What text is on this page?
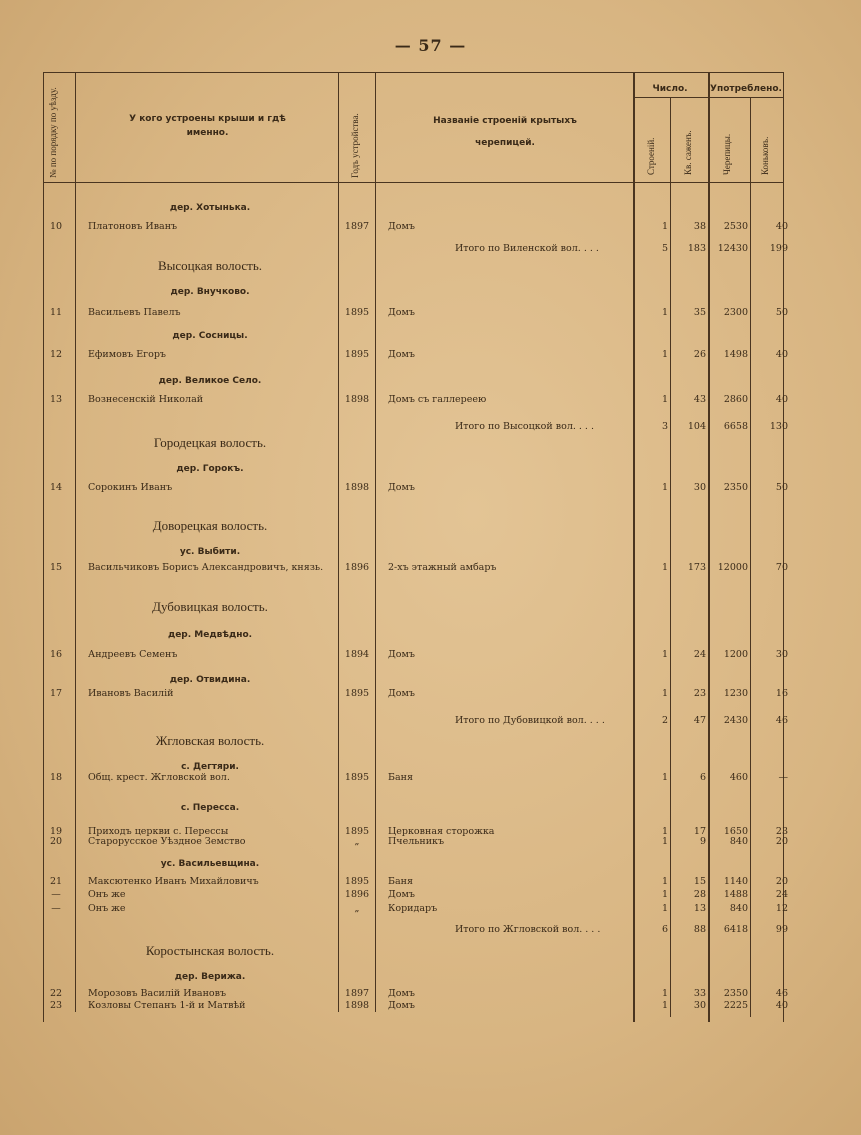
— 57 —
№ по порядку по уѣзду.	У кого устроены крыши и гдѣ именно.	Годъ устройства.	Названіе строеній крытыхъ черепицей.
Число.	Употреблено.
Строеній.	Кв. саженъ.	Черепицы.	Коньковъ.
дер. Хотынька.
10	Платоновъ Иванъ	1897	Домъ	1	38	2530	40
Итого по Виленской вол. . . .	5	183	12430	199
Высоцкая волость.
дер. Внучково.
11	Васильевъ Павелъ	1895	Домъ	1	35	2300	50
дер. Сосницы.
12	Ефимовъ Егоръ	1895	Домъ	1	26	1498	40
дер. Великое Село.
13	Вознесенскій Николай	1898	Домъ съ галлереею	1	43	2860	40
Итого по Высоцкой вол. . . .	3	104	6658	130
Городецкая волость.
дер. Горокъ.
14	Сорокинъ Иванъ	1898	Домъ	1	30	2350	50
Доворецкая волость.
ус. Выбити.
15	Васильчиковъ Борисъ Александровичъ, князь.	1896	2-хъ этажный амбаръ	1	173	12000	70
Дубовицкая волость.
дер. Медвѣдно.
16	Андреевъ Семенъ	1894	Домъ	1	24	1200	30
дер. Отвидина.
17	Ивановъ Василій	1895	Домъ	1	23	1230	16
Итого по Дубовицкой вол. . . .	2	47	2430	46
Жгловская волость.
с. Дегтяри.
18	Общ. крест. Жгловской вол.	1895	Баня	1	6	460	—
с. Пересса.
19	Приходъ церкви с. Перессы	1895	Церковная сторожка	1	17	1650	23
20	Старорусское Уѣздное Земство	„	Пчельникъ	1	9	840	20
ус. Васильевщина.
21	Максютенко Иванъ Михайловичъ	1895	Баня	1	15	1140	20
—	Онъ же	1896	Домъ	1	28	1488	24
—	Онъ же	„	Коридаръ	1	13	840	12
Итого по Жгловской вол. . . .	6	88	6418	99
Коростынская волость.
дер. Верижа.
22	Морозовъ Василій Ивановъ	1897	Домъ	1	33	2350	46
23	Козловы Степанъ 1-й и Матвѣй	1898	Домъ	1	30	2225	40
